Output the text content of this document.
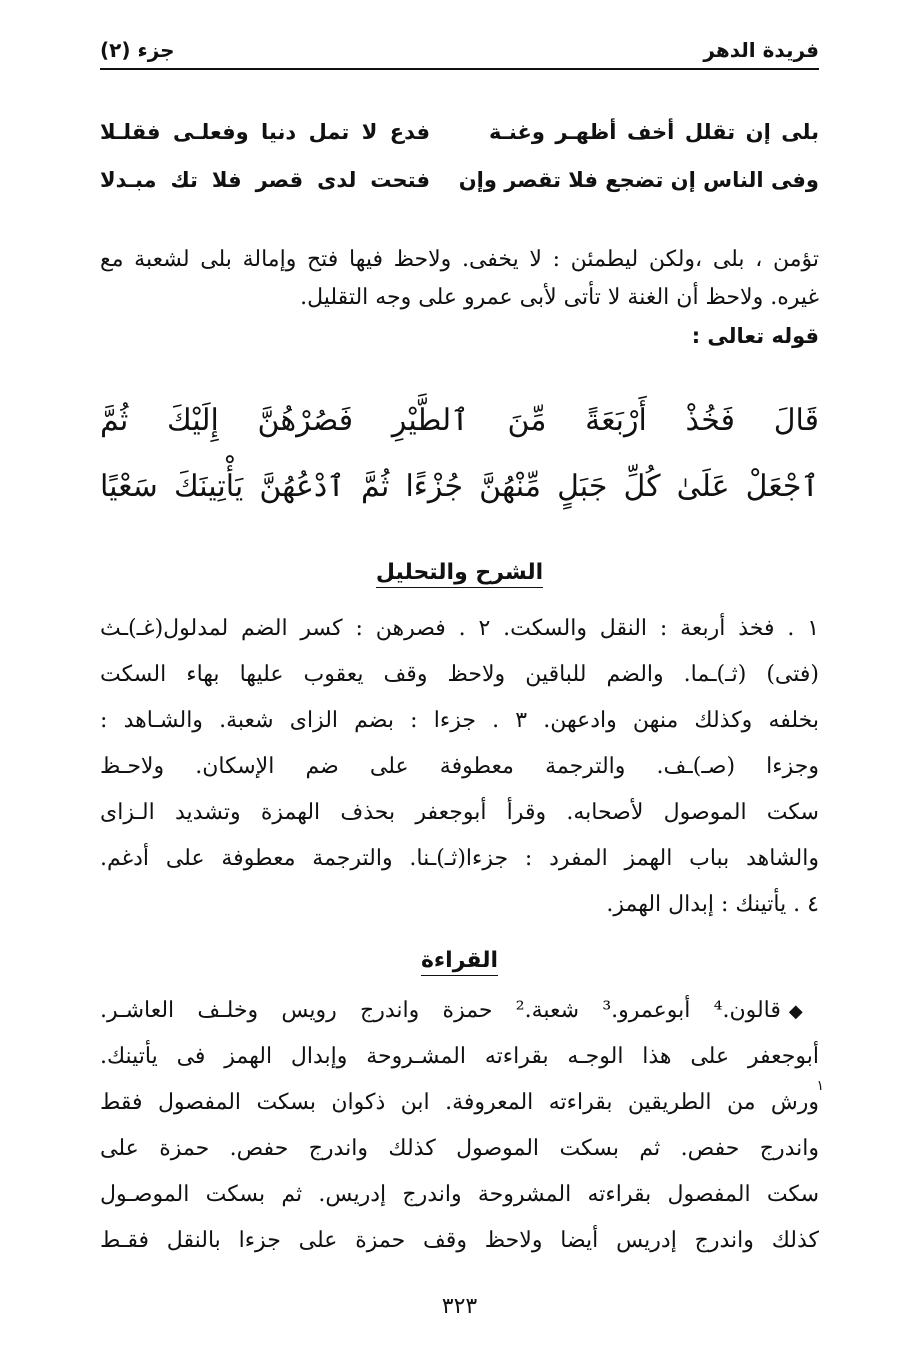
فريدة الدهر
جزء (٢)
بلى إن تقلل أخف أظهـر وغنـة
فدع لا تمل دنيا وفعلـى فقلـلا
وفى الناس إن تضجع فلا تقصر وإن
فتحت لدى قصر فلا تك مبـدلا
تؤمن ، بلى ،ولكن ليطمئن : لا يخفى. ولاحظ فيها فتح وإمالة بلى لشعبة مع
غيره. ولاحظ أن الغنة لا تأتى لأبى عمرو على وجه التقليل.
قوله تعالى :
قَالَ فَخُذْ أَرْبَعَةً مِّنَ ٱلطَّيْرِ فَصُرْهُنَّ إِلَيْكَ ثُمَّ
ٱجْعَلْ عَلَىٰ كُلِّ جَبَلٍ مِّنْهُنَّ جُزْءًا ثُمَّ ٱدْعُهُنَّ يَأْتِينَكَ سَعْيًا
الشرح والتحليل
١ . فخذ أربعة : النقل والسكت. ٢ . فصرهن : كسر الضم لمدلول(غـ)ـث
(فتى) (ثـ)ـما. والضم للباقين ولاحظ وقف يعقوب عليها بهاء السكت
بخلفه وكذلك منهن وادعهن. ٣ . جزءا : بضم الزاى شعبة. والشـاهد :
وجزءا (صـ)ـف. والترجمة معطوفة على ضم الإسكان. ولاحـظ
سكت الموصول لأصحابه. وقرأ أبوجعفر بحذف الهمزة وتشديد الـزاى
والشاهد بباب الهمز المفرد : جزءا(ثـ)ـنا. والترجمة معطوفة على أدغم.
٤ . يأتينك : إبدال الهمز.
القراءة
◆قالون.⁴ أبوعمرو.³ شعبة.² حمزة واندرج رويس وخلـف العاشـر.
أبوجعفر على هذا الوجـه بقراءته المشـروحة وإبدال الهمز فى يأتينك.
ورش من الطريقين بقراءته المعروفة. ابن ذكوان بسكت المفصول فقط
واندرج حفص. ثم بسكت الموصول كذلك واندرج حفص. حمزة على
سكت المفصول بقراءته المشروحة واندرج إدريس. ثم بسكت الموصـول
كذلك واندرج إدريس أيضا ولاحظ وقف حمزة على جزءا بالنقل فقـط
١
٣٢٣
